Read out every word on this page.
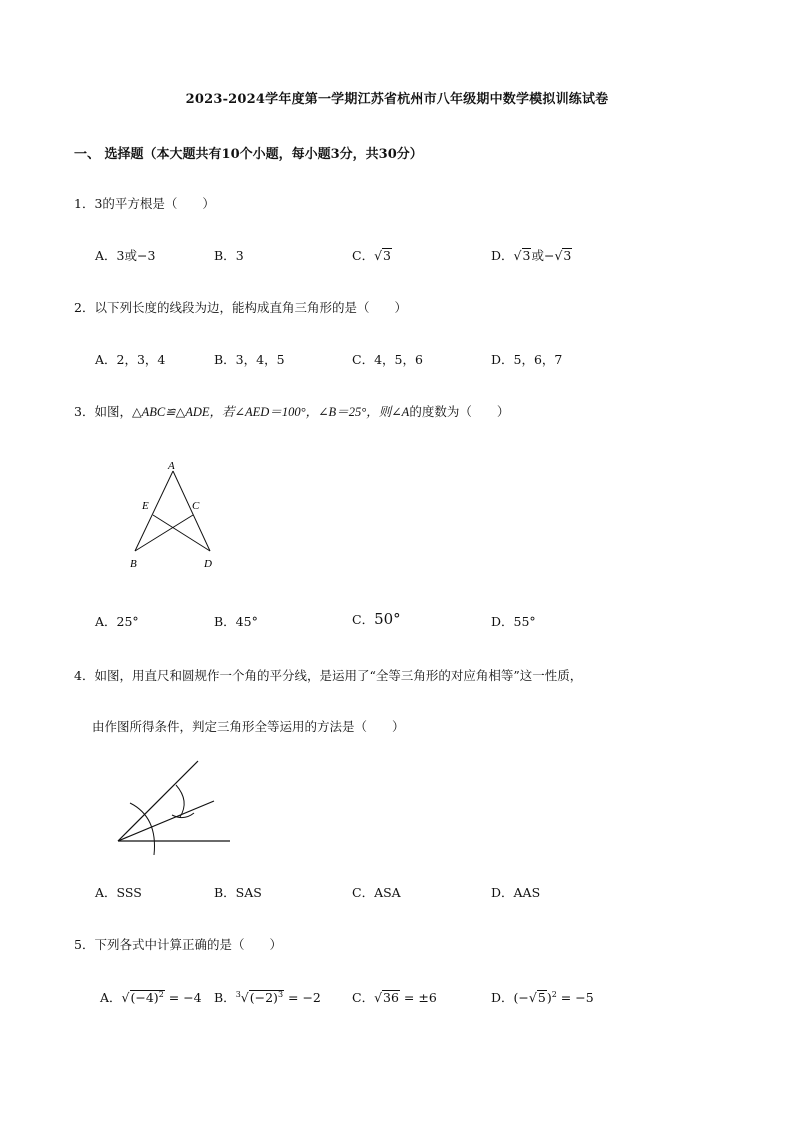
2023-2024学年度第一学期江苏省杭州市八年级期中数学模拟训练试卷
一、 选择题（本大题共有10个小题，每小题3分，共30分）
1．3的平方根是（　　）
A．3或−3	B．3	C．√3	D．√3或−√3
2．以下列长度的线段为边，能构成直角三角形的是（　　）
A．2，3，4	B．3，4，5	C．4，5，6	D．5，6，7
3．如图，△ABC≌△ADE，若∠AED＝100°，∠B＝25°，则∠A的度数为（　　）
A
E	C
B	D
A．25°	B．45°	C．50°	D．55°
4．如图，用直尺和圆规作一个角的平分线，是运用了“全等三角形的对应角相等”这一性质，
由作图所得条件，判定三角形全等运用的方法是（　　）
A．SSS	B．SAS	C．ASA	D．AAS
5．下列各式中计算正确的是（　　）
A．$√(-4)^2 = -4$ B．$^3√(-2)^3 = -2$ C．√36 = ±6	D．$(-√5)^2 = -5$
